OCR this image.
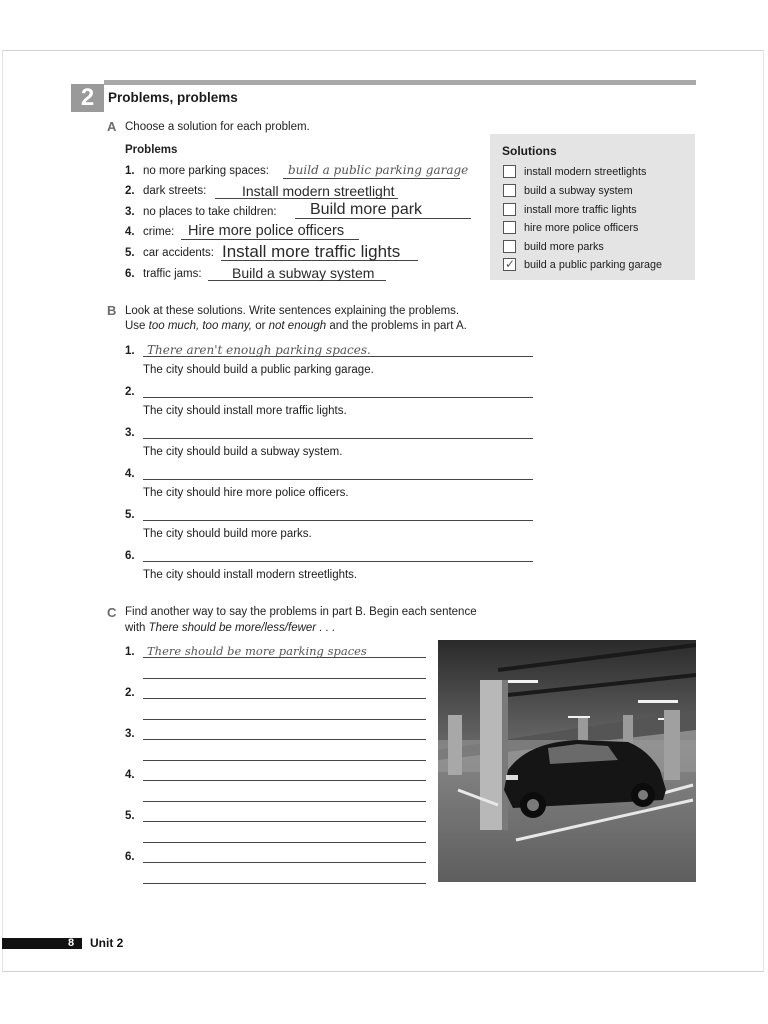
2	Problems, problems
A Choose a solution for each problem.
Problems
1. no more parking spaces: build a public parking garage
2. dark streets:	Install modern streetlight
3. no places to take children: Build more park
4. crime: Hire more police officers
5. car accidents: Install more traffic lights
6. traffic jams: Build a subway system
Solutions
install modern streetlights
build a subway system
install more traffic lights
hire more police officers
build more parks
✓ build a public parking garage
B Look at these solutions. Write sentences explaining the problems.
Use too much, too many, or not enough and the problems in part A.
1. There aren't enough parking spaces.
The city should build a public parking garage.
2.
The city should install more traffic lights.
3.
The city should build a subway system.
4.
The city should hire more police officers.
5.
The city should build more parks.
6.
The city should install modern streetlights.
C Find another way to say the problems in part B. Begin each sentence
with There should be more/less/fewer . . .
1. There should be more parking spaces
2.
3.
4.
5.
6.
8 Unit 2
